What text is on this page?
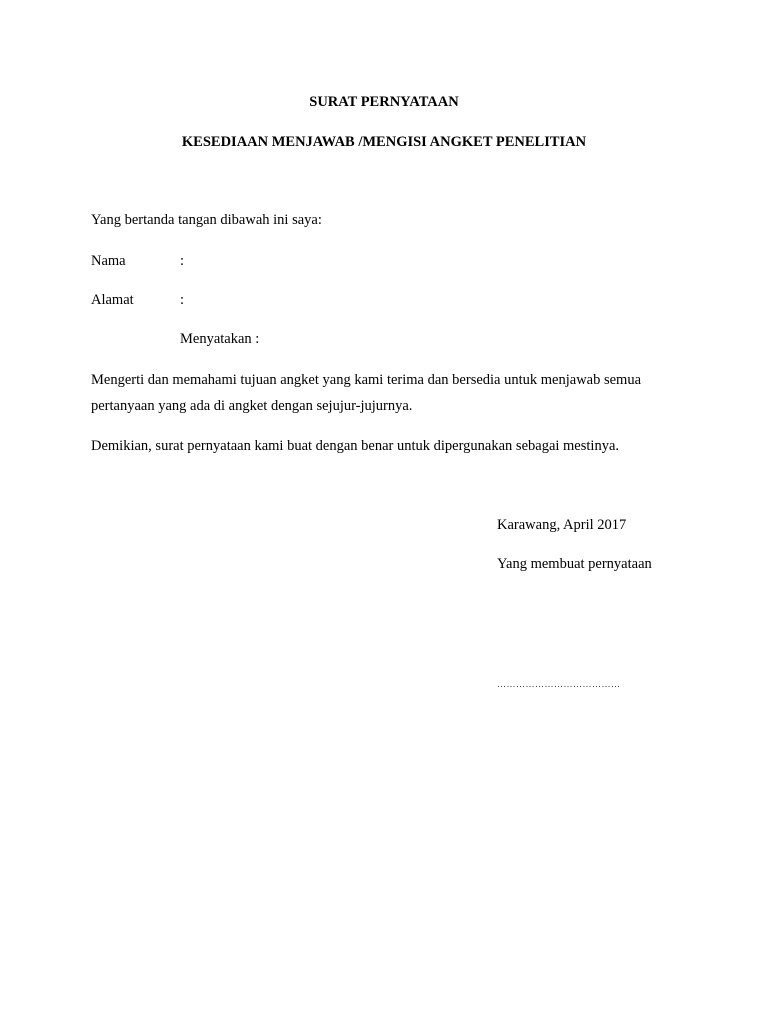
SURAT PERNYATAAN
KESEDIAAN MENJAWAB /MENGISI ANGKET PENELITIAN
Yang bertanda tangan dibawah ini saya:
Nama	:
Alamat	:
Menyatakan :
Mengerti dan memahami tujuan angket yang kami terima dan bersedia untuk menjawab semua
pertanyaan yang ada di angket dengan sejujur-jujurnya.
Demikian, surat pernyataan kami buat dengan benar untuk dipergunakan sebagai mestinya.
Karawang, April 2017
Yang membuat pernyataan
…………………………………
